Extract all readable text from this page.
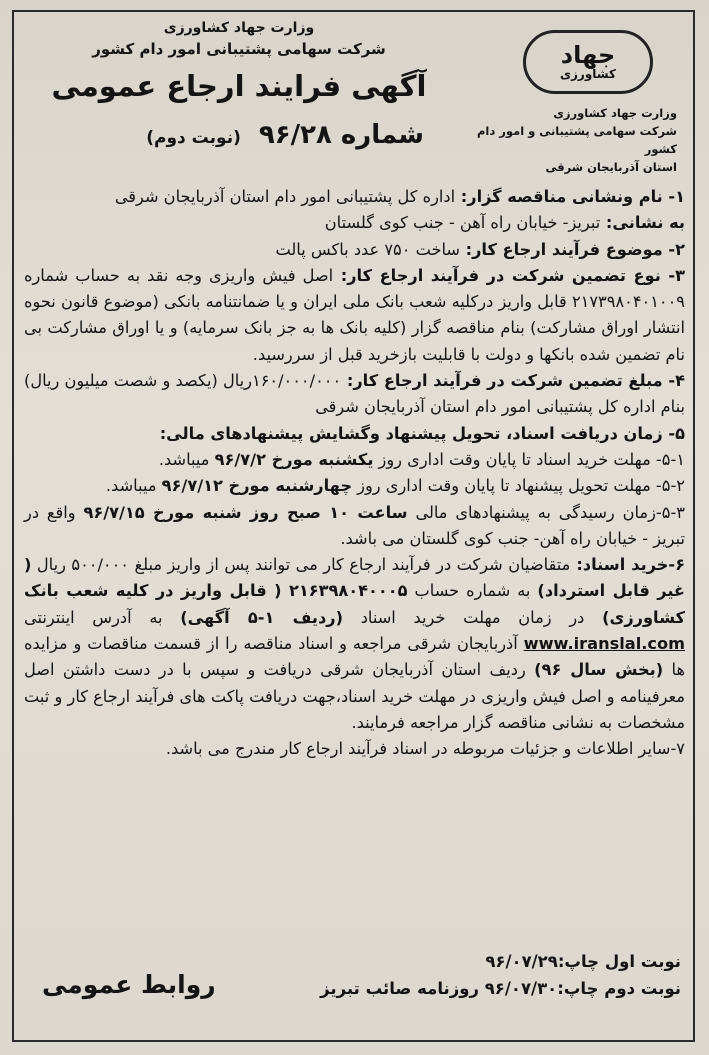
جهاد
کشاورزی
وزارت جهاد کشاورزی
شرکت سهامی پشتیبانی و امور دام کشور
استان آذربایجان شرقی
وزارت جهاد کشاورزی
شرکت سهامی پشتیبانی امور دام کشور
آگهی فرایند ارجاع عمومی
شماره ۹۶/۲۸
(نوبت دوم)

۱- نام ونشانی مناقصه گزار: اداره کل پشتیبانی امور دام استان آذربایجان شرقی

به نشانی: تبریز- خیابان راه آهن - جنب کوی گلستان

۲- موضوع فرآیند ارجاع کار: ساخت ۷۵۰ عدد باکس پالت

۳- نوع تضمین شرکت در فرآیند ارجاع کار: اصل فیش واریزی وجه نقد به حساب شماره ۲۱۷۳۹۸۰۴۰۱۰۰۹ قابل واریز درکلیه شعب بانک ملی ایران و یا ضمانتنامه بانکی (موضوع قانون نحوه انتشار اوراق مشارکت) بنام مناقصه گزار (کلیه بانک ها به جز بانک سرمایه) و یا اوراق مشارکت بی نام تضمین شده بانکها و دولت با قابلیت بازخرید قبل از سررسید.

۴- مبلغ تضمین شرکت در فرآیند ارجاع کار: ۱۶۰/۰۰۰/۰۰۰ریال (یکصد و شصت میلیون ریال) بنام اداره کل پشتیبانی امور دام استان آذربایجان شرقی

۵- زمان دریافت اسناد، تحویل پیشنهاد وگشایش پیشنهادهای مالی:

۵-۱- مهلت خرید اسناد تا پایان وقت اداری روز یکشنبه مورخ ۹۶/۷/۲ میباشد.

۵-۲- مهلت تحویل پیشنهاد تا پایان وقت اداری روز چهارشنبه مورخ ۹۶/۷/۱۲ میباشد.

۵-۳-زمان رسیدگی به پیشنهادهای مالی ساعت ۱۰ صبح روز شنبه مورخ ۹۶/۷/۱۵ واقع در تبریز - خیابان راه آهن- جنب کوی گلستان می باشد.

۶-خرید اسناد: متقاضیان شرکت در فرآیند ارجاع کار می توانند پس از واریز مبلغ ۵۰۰/۰۰۰ ریال ( غیر قابل استرداد) به شماره حساب ۲۱۶۳۹۸۰۴۰۰۰۵ ( قابل واریز در کلیه شعب بانک کشاورزی) در زمان مهلت خرید اسناد (ردیف ۱-۵ آگهی) به آدرس اینترنتی www.iranslal.com آذربایجان شرقی مراجعه و اسناد مناقصه را از قسمت مناقصات و مزایده ها (بخش سال ۹۶) ردیف استان آذربایجان شرقی دریافت و سپس با در دست داشتن اصل معرفینامه و اصل فیش واریزی در مهلت خرید اسناد،جهت دریافت پاکت های فرآیند ارجاع کار و ثبت مشخصات به نشانی مناقصه گزار مراجعه فرمایند.

۷-سایر اطلاعات و جزئیات مربوطه در اسناد فرآیند ارجاع کار مندرج می باشد.

نوبت اول چاپ:۹۶/۰۷/۲۹
نوبت دوم چاپ:۹۶/۰۷/۳۰ روزنامه صائب تبریز
روابط عمومی
